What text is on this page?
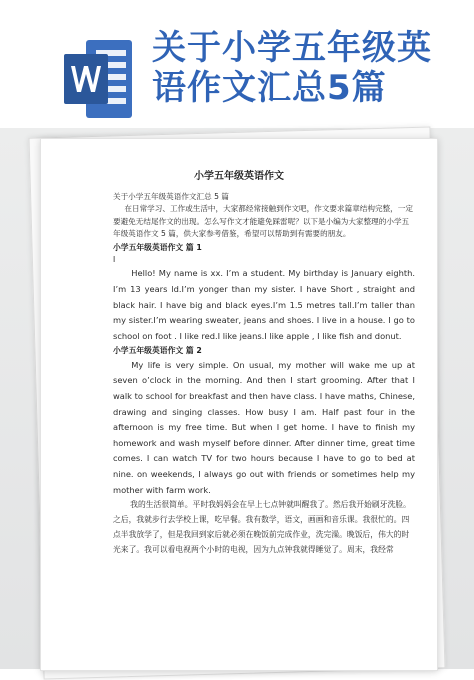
关于小学五年级英
语作文汇总5篇
小学五年级英语作文

关于小学五年级英语作文汇总 5 篇

在日常学习、工作或生活中，大家都经常接触到作文吧，作文要求篇章结构完整，一定要避免无结尾作文的出现。怎么写作文才能避免踩雷呢？以下是小编为大家整理的小学五年级英语作文 5 篇，供大家参考借鉴，希望可以帮助到有需要的朋友。

小学五年级英语作文 篇 1

I

Hello! My name is xx. I’m a student. My birthday is January eighth. I’m 13 years ld.I’m yonger than my sister. I have Short , straight and black hair. I have big and black eyes.I’m 1.5 metres tall.I’m taller than my sister.I’m wearing sweater, jeans and shoes. I live in a house. I go to school on foot . I like red.I like jeans.I like apple , I like fish and donut.

小学五年级英语作文 篇 2

My life is very simple. On usual, my mother will wake me up at seven o’clock in the morning. And then I start grooming. After that I walk to school for breakfast and then have class. I have maths, Chinese, drawing and singing classes. How busy I am. Half past four in the afternoon is my free time. But when I get home. I have to finish my homework and wash myself before dinner. After dinner time, great time comes. I can watch TV for two hours because I have to go to bed at nine. on weekends, I always go out with friends or sometimes help my mother with farm work.

我的生活很简单。平时我妈妈会在早上七点钟就叫醒我了。然后我开始刷牙洗脸。之后，我就步行去学校上课，吃早餐。我有数学，语文，画画和音乐课。我很忙的。四点半我放学了，但是我回到家后就必须在晚饭前完成作业，洗完澡。晚饭后，伟大的时光来了。我可以看电视两个小时的电视，因为九点钟我就得睡觉了。周末，我经常
